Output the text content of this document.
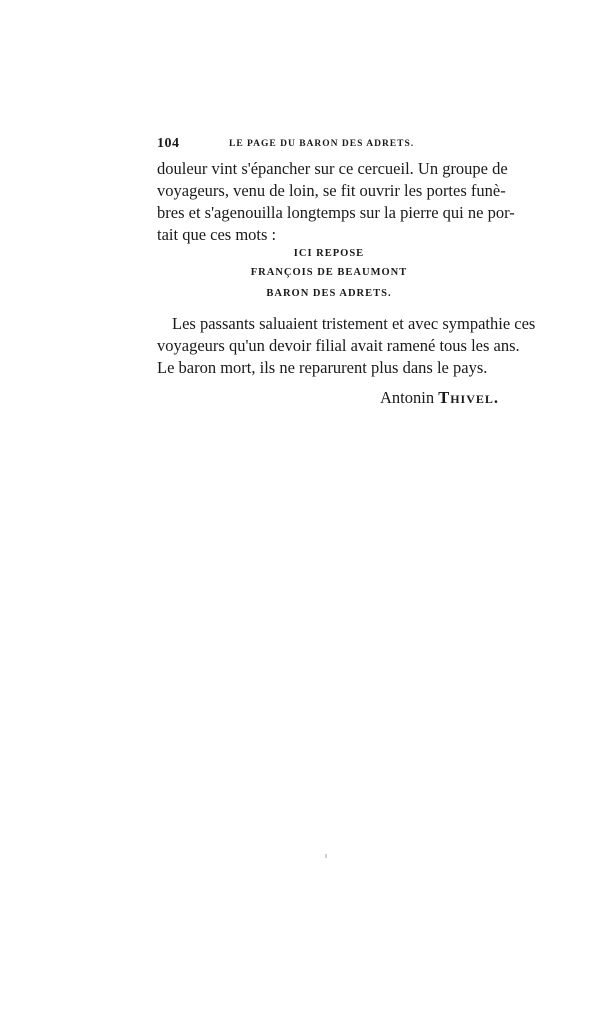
104	LE PAGE DU BARON DES ADRETS.
douleur vint s'épancher sur ce cercueil. Un groupe de
voyageurs, venu de loin, se fit ouvrir les portes funè-
bres et s'agenouilla longtemps sur la pierre qui ne por-
tait que ces mots :
ICI REPOSE
FRANÇOIS DE BEAUMONT
BARON DES ADRETS.
Les passants saluaient tristement et avec sympathie ces
voyageurs qu'un devoir filial avait ramené tous les ans.
Le baron mort, ils ne reparurent plus dans le pays.
Antonin Thivel.
